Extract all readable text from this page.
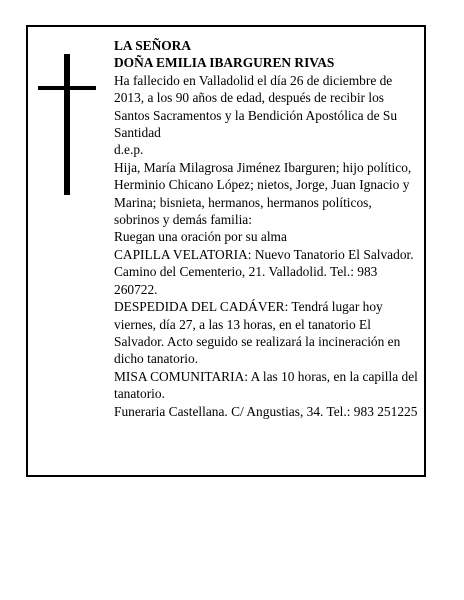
LA SEÑORA

DOÑA EMILIA IBARGUREN RIVAS

Ha fallecido en Valladolid el día 26 de diciembre de 2013, a los 90 años de edad, después de recibir los Santos Sacramentos y la Bendición Apostólica de Su Santidad

d.e.p.

Hija, María Milagrosa Jiménez Ibarguren; hijo político, Herminio Chicano López; nietos, Jorge, Juan Ignacio y Marina; bisnieta, hermanos, hermanos políticos, sobrinos y demás familia:

Ruegan una oración por su alma

CAPILLA VELATORIA: Nuevo Tanatorio El Salvador. Camino del Cementerio, 21. Valladolid. Tel.: 983 260722.

DESPEDIDA DEL CADÁVER: Tendrá lugar hoy viernes, día 27, a las 13 horas, en el tanatorio El Salvador. Acto seguido se realizará la incineración en dicho tanatorio.

MISA COMUNITARIA: A las 10 horas, en la capilla del tanatorio.

Funeraria Castellana. C/ Angustias, 34. Tel.: 983 251225
